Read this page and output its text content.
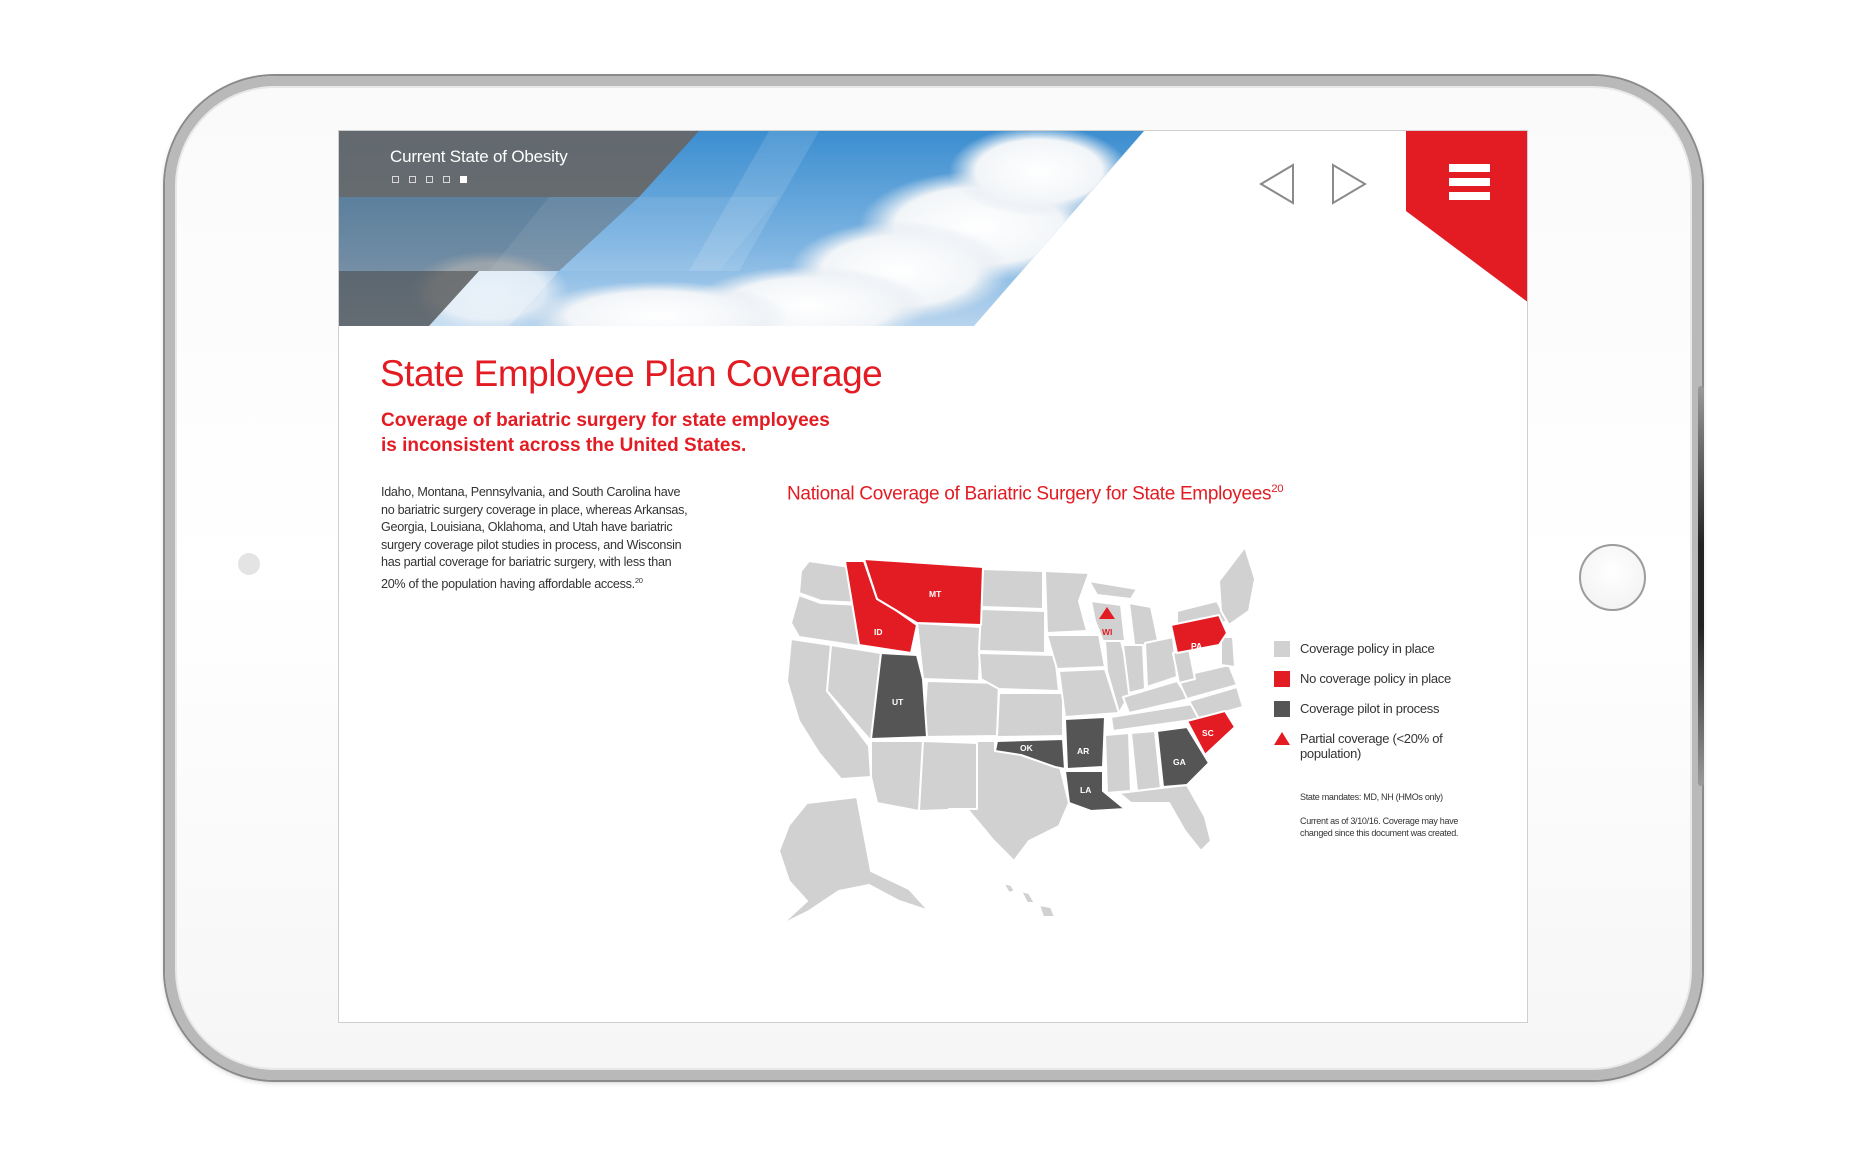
Current State of Obesity
State Employee Plan Coverage
Coverage of bariatric surgery for state employees
is inconsistent across the United States.
Idaho, Montana, Pennsylvania, and South Carolina have
no bariatric surgery coverage in place, whereas Arkansas,
Georgia, Louisiana, Oklahoma, and Utah have bariatric
surgery coverage pilot studies in process, and Wisconsin
has partial coverage for bariatric surgery, with less than
20% of the population having affordable access.$^{20}$
National Coverage of Bariatric Surgery for State Employees$^{20}$
MT
ID
UT
WI
PA
OK	AR
LA
GA
SC
Coverage policy in place
No coverage policy in place
Coverage pilot in process
Partial coverage (<20% of
population)
State mandates: MD, NH (HMOs only)
Current as of 3/10/16. Coverage may have
changed since this document was created.
